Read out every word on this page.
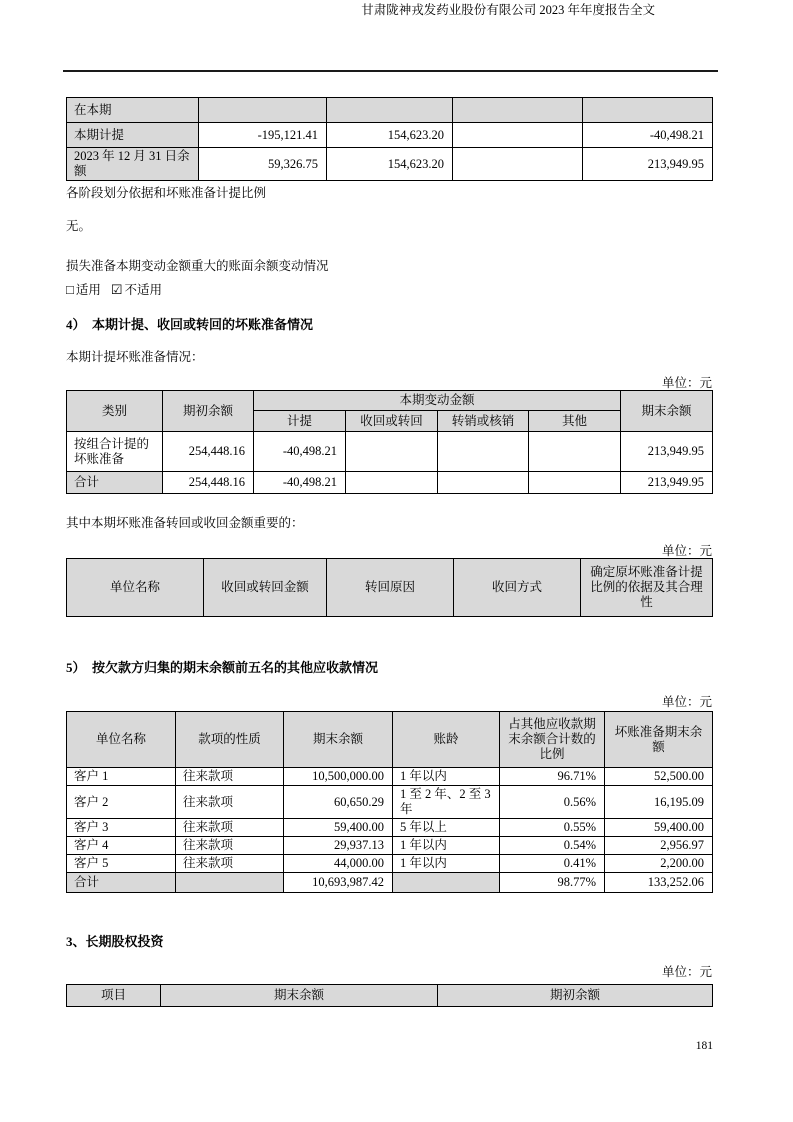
甘肃陇神戎发药业股份有限公司 2023 年年度报告全文
在本期				
本期计提	-195,121.41	154,623.20		-40,498.21
2023 年 12 月 31 日余额	59,326.75	154,623.20		213,949.95
各阶段划分依据和坏账准备计提比例
无。
损失准备本期变动金额重大的账面余额变动情况
□ 适用 ☑ 不适用
4）  本期计提、收回或转回的坏账准备情况
本期计提坏账准备情况：
单位：元
类别	期初余额	本期变动金额				期末余额
		计提	收回或转回	转销或核销	其他	
按组合计提的坏账准备	254,448.16	-40,498.21				213,949.95
合计	254,448.16	-40,498.21				213,949.95
其中本期坏账准备转回或收回金额重要的：
单位：元
单位名称	收回或转回金额	转回原因	收回方式	确定原坏账准备计提比例的依据及其合理性
5）  按欠款方归集的期末余额前五名的其他应收款情况
单位：元
单位名称	款项的性质	期末余额	账龄	占其他应收款期末余额合计数的比例	坏账准备期末余额
客户 1	往来款项	10,500,000.00	1 年以内	96.71%	52,500.00
客户 2	往来款项	60,650.29	1 至 2 年、2 至 3 年	0.56%	16,195.09
客户 3	往来款项	59,400.00	5 年以上	0.55%	59,400.00
客户 4	往来款项	29,937.13	1 年以内	0.54%	2,956.97
客户 5	往来款项	44,000.00	1 年以内	0.41%	2,200.00
合计		10,693,987.42		98.77%	133,252.06
3、长期股权投资
单位：元
项目	期末余额	期初余额
181
